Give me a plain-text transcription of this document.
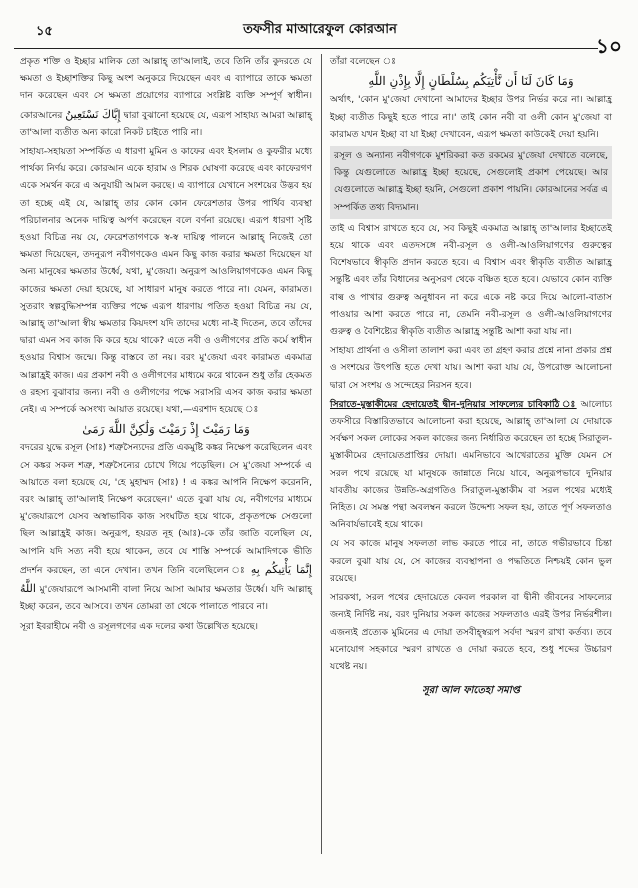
১৫	তফসীর মাআরেফুল কোরআন
১০

প্রকৃত শক্তি ও ইচ্ছার মালিক তো আল্লাহ্ তা'আলাই, তবে তিনি তাঁর কুদরতে যে ক্ষমতা ও ইচ্ছাশক্তির কিছু অংশ অনুকরে দিয়েছেন এবং এ ব্যাপারে তাকে ক্ষমতা দান করেছেন এবং সে ক্ষমতা প্রয়োগের ব্যাপারে সংশ্লিষ্ট ব্যক্তি সম্পূর্ণ স্বাধীন। কোরআনের إِيَّاكَ نَسْتَعِينُ দ্বারা বুঝানো হয়েছে যে, এরূপ সাহায্য আমরা আল্লাহ্ তা'আলা ব্যতীত অন্য কারো নিকট চাইতে পারি না।

সাহায্য-সহায়তা সম্পর্কিত এ ধারণা মুমিন ও কাফের এবং ইসলাম ও কুফরীর মধ্যে পার্থক্য নির্ণয় করে। কোরআন একে হারাম ও শিরক ঘোষণা করেছে এবং কাফেরগণ একে সমর্থন করে এ অনুযায়ী আমল করছে। এ ব্যাপারে যেখানে সংশয়ের উদ্ভব হয় তা হচ্ছে এই যে, আল্লাহ্ তার কোন কোন ফেরেশতার উপর পার্থিব ব্যবস্থা পরিচালনার অনেক দায়িত্ব অর্পণ করেছেন বলে বর্ণনা রয়েছে। এরূপ ধারণা সৃষ্টি হওয়া বিচিত্র নয় যে, ফেরেশতাগণকে স্ব-স্ব দায়িত্ব পালনে আল্লাহ্ নিজেই তো ক্ষমতা দিয়েছেন, তদনুরূপ নবীগণকেও এমন কিছু কাজ করার ক্ষমতা দিয়েছেন যা অন্য মানুষের ক্ষমতার উর্ধ্বে, যথা, মু'জেযা। অনুরূপ আওলিয়াগণকেও এমন কিছু কাজের ক্ষমতা দেয়া হয়েছে, যা সাধারণ মানুষ করতে পারে না। যেমন, কারামত। সুতরাং স্বল্পবুদ্ধিসম্পন্ন ব্যক্তির পক্ষে এরূপ ধারণায় পতিত হওয়া বিচিত্র নয় যে, আল্লাহ্ তা'আলা স্বীয় ক্ষমতার কিয়দংশ যদি তাদের মধ্যে না-ই দিতেন, তবে তাঁদের দ্বারা এমন সব কাজ কি করে হয়ে থাকে? এতে নবী ও ওলীগণের প্রতি কর্মে স্বাধীন হওয়ার বিশ্বাস জন্মে। কিন্তু বাস্তবে তা নয়। বরং মু'জেযা এবং কারামত একমাত্র আল্লাহ্রই কাজ। এর প্রকাশ নবী ও ওলীগণের মাধ্যমে করে থাকেন শুধু তাঁর হেকমত ও রহস্য বুঝাবার জন্য। নবী ও ওলীগণের পক্ষে সরাসরি এসব কাজ করার ক্ষমতা নেই। এ সম্পর্কে অসংখ্য আয়াত রয়েছে। যথা,—এরশাদ হয়েছে ঃ

وَمَا رَمَيْتَ إِذْ رَمَيْتَ وَلَٰكِنَّ اللَّهَ رَمَىٰ

বদরের যুদ্ধে রসূল (সাঃ) শত্রুসৈন্যদের প্রতি একমুষ্টি কঙ্কর নিক্ষেপ করেছিলেন এবং সে কঙ্কর সকল শত্রু, শত্রুসৈন্যের চোখে গিয়ে পড়েছিল। সে মু'জেযা সম্পর্কে এ আয়াতে বলা হয়েছে যে, 'হে মুহাম্মদ (সাঃ) ! এ কঙ্কর আপনি নিক্ষেপ করেননি, বরং আল্লাহ্ তা'আলাই নিক্ষেপ করেছেন।' এতে বুঝা যায় যে, নবীগণের মাধ্যমে মু'জেযারূপে যেসব অস্বাভাবিক কাজ সংঘটিত হয়ে থাকে, প্রকৃতপক্ষে সেগুলো ছিল আল্লাহ্রই কাজ। অনুরূপ, হযরত নূহ (আঃ)-কে তাঁর জাতি বলেছিল যে, আপনি যদি সত্য নবী হয়ে থাকেন, তবে যে শাস্তি সম্পর্কে আমাদিগকে ভীতি প্রদর্শন করছেন, তা এনে দেখান। তখন তিনি বলেছিলেন ঃ إِنَّمَا يَأْتِيكُم بِهِ اللَّهُ মু'জেযারূপে আসমানী বালা নিয়ে আসা আমার ক্ষমতার উর্ধ্বে। যদি আল্লাহ্ ইচ্ছা করেন, তবে আসবে। তখন তোমরা তা থেকে পালাতে পারবে না।

সূরা ইবরাহীমে নবী ও রসূলগণের এক দলের কথা উল্লেখিত হয়েছে।

তাঁরা বলেছেন ঃ

وَمَا كَانَ لَنَا أَن نَّأْتِيَكُم بِسُلْطَانٍ إِلَّا بِإِذْنِ اللَّهِ

অর্থাৎ, 'কোন মু'জেযা দেখানো আমাদের ইচ্ছার উপর নির্ভর করে না। আল্লাহ্র ইচ্ছা ব্যতীত কিছুই হতে পারে না।' তাই কোন নবী বা ওলী কোন মু'জেযা বা কারামত যখন ইচ্ছা বা যা ইচ্ছা দেখাবেন, এরূপ ক্ষমতা কাউকেই দেয়া হয়নি।

রসূল ও অন্যান্য নবীগণকে মুশরিকরা কত রকমের মু'জেযা দেখাতে বলেছে, কিন্তু যেগুলোতে আল্লাহ্র ইচ্ছা হয়েছে, সেগুলোই প্রকাশ পেয়েছে। আর যেগুলোতে আল্লাহ্র ইচ্ছা হয়নি, সেগুলো প্রকাশ পায়নি। কোরআনের সর্বত্র এ সম্পর্কিত তথ্য বিদ্যমান।

তাই এ বিশ্বাস রাখতে হবে যে, সব কিছুই একমাত্র আল্লাহ্ তা'আলার ইচ্ছাতেই হয়ে থাকে এবং এতদসঙ্গে নবী-রসূল ও ওলী-আওলিয়াগণের গুরুত্বের বিশেষভাবে স্বীকৃতি প্রদান করতে হবে। এ বিশ্বাস এবং স্বীকৃতি ব্যতীত আল্লাহ্র সন্তুষ্টি এবং তাঁর বিধানের অনুসরণ থেকে বঞ্চিত হতে হবে। যেভাবে কোন ব্যক্তি বাল্ব ও পাখার গুরুত্ব অনুধাবন না করে একে নষ্ট করে দিয়ে আলো-বাতাস পাওয়ার আশা করতে পারে না, তেমনি নবী-রসূল ও ওলী-আওলিয়াগণের গুরুত্ব ও বৈশিষ্ট্যের স্বীকৃতি ব্যতীত আল্লাহ্র সন্তুষ্টি আশা করা যায় না।

সাহায্য প্রার্থনা ও ওসীলা তালাশ করা এবং তা গ্রহণ করার প্রশ্নে নানা প্রকার প্রশ্ন ও সংশয়ের উৎপত্তি হতে দেখা যায়। আশা করা যায় যে, উপরোক্ত আলোচনা দ্বারা সে সংশয় ও সন্দেহের নিরসন হবে।

সিরাতে-মুস্তাকীমের হেদায়েতই দ্বীন-দুনিয়ার সাফল্যের চাবিকাঠি ঃ আলোচ্য তফসীরে বিস্তারিতভাবে আলোচনা করা হয়েছে, আল্লাহ্ তা'আলা যে দোয়াকে সর্বক্ষণ সকল লোকের সকল কাজের জন্য নির্ধারিত করেছেন তা হচ্ছে সিরাতুল-মুস্তাকীমের হেদায়েতপ্রাপ্তির দোয়া। এমনিভাবে আখেরাতের মুক্তি যেমন সে সরল পথে রয়েছে যা মানুষকে জান্নাতে নিয়ে যাবে, অনুরূপভাবে দুনিয়ার যাবতীয় কাজের উন্নতি-অগ্রগতিও সিরাতুল-মুস্তাকীম বা সরল পথের মধ্যেই নিহিত। যে সমস্ত পন্থা অবলম্বন করলে উদ্দেশ্য সফল হয়, তাতে পূর্ণ সফলতাও অনিবার্যভাবেই হয়ে থাকে।

যে সব কাজে মানুষ সফলতা লাভ করতে পারে না, তাতে গভীরভাবে চিন্তা করলে বুঝা যায় যে, সে কাজের ব্যবস্থাপনা ও পদ্ধতিতে নিশ্চয়ই কোন ভুল রয়েছে।

সারকথা, সরল পথের হেদায়েতে কেবল পরকাল বা দ্বীনী জীবনের সাফল্যের জন্যই নির্দিষ্ট নয়, বরং দুনিয়ার সকল কাজের সফলতাও এরই উপর নির্ভরশীল। এজন্যই প্রত্যেক মুমিনের এ দোয়া তসবীহ্স্বরূপ সর্বদা স্মরণ রাখা কর্তব্য। তবে মনোযোগ সহকারে স্মরণ রাখতে ও দোয়া করতে হবে, শুধু শব্দের উচ্চারণ যথেষ্ট নয়।

সূরা আল ফাতেহা সমাপ্ত
